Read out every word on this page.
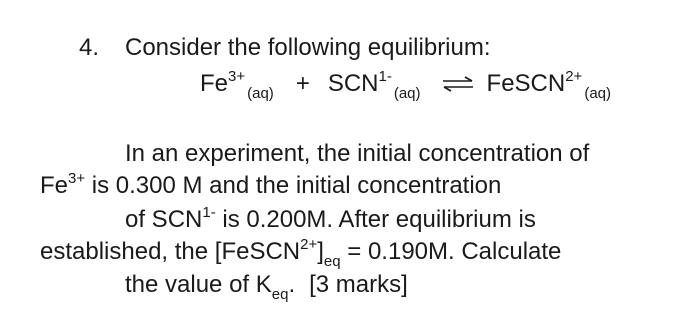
4. Consider the following equilibrium:
$Fe^{3+}_{(aq)} + SCN^{1-}_{(aq)}$ ⇌ FeSCN$^{2+}_{(aq)}$
In an experiment, the initial concentration of
$Fe^{3+}$ is 0.300 M and the initial concentration
of $SCN^{1-}$ is 0.200M. After equilibrium is
established, the $[FeSCN^{2+}]_{eq} = 0.190M$. Calculate
the value of $K_{eq}$. [3 marks]
